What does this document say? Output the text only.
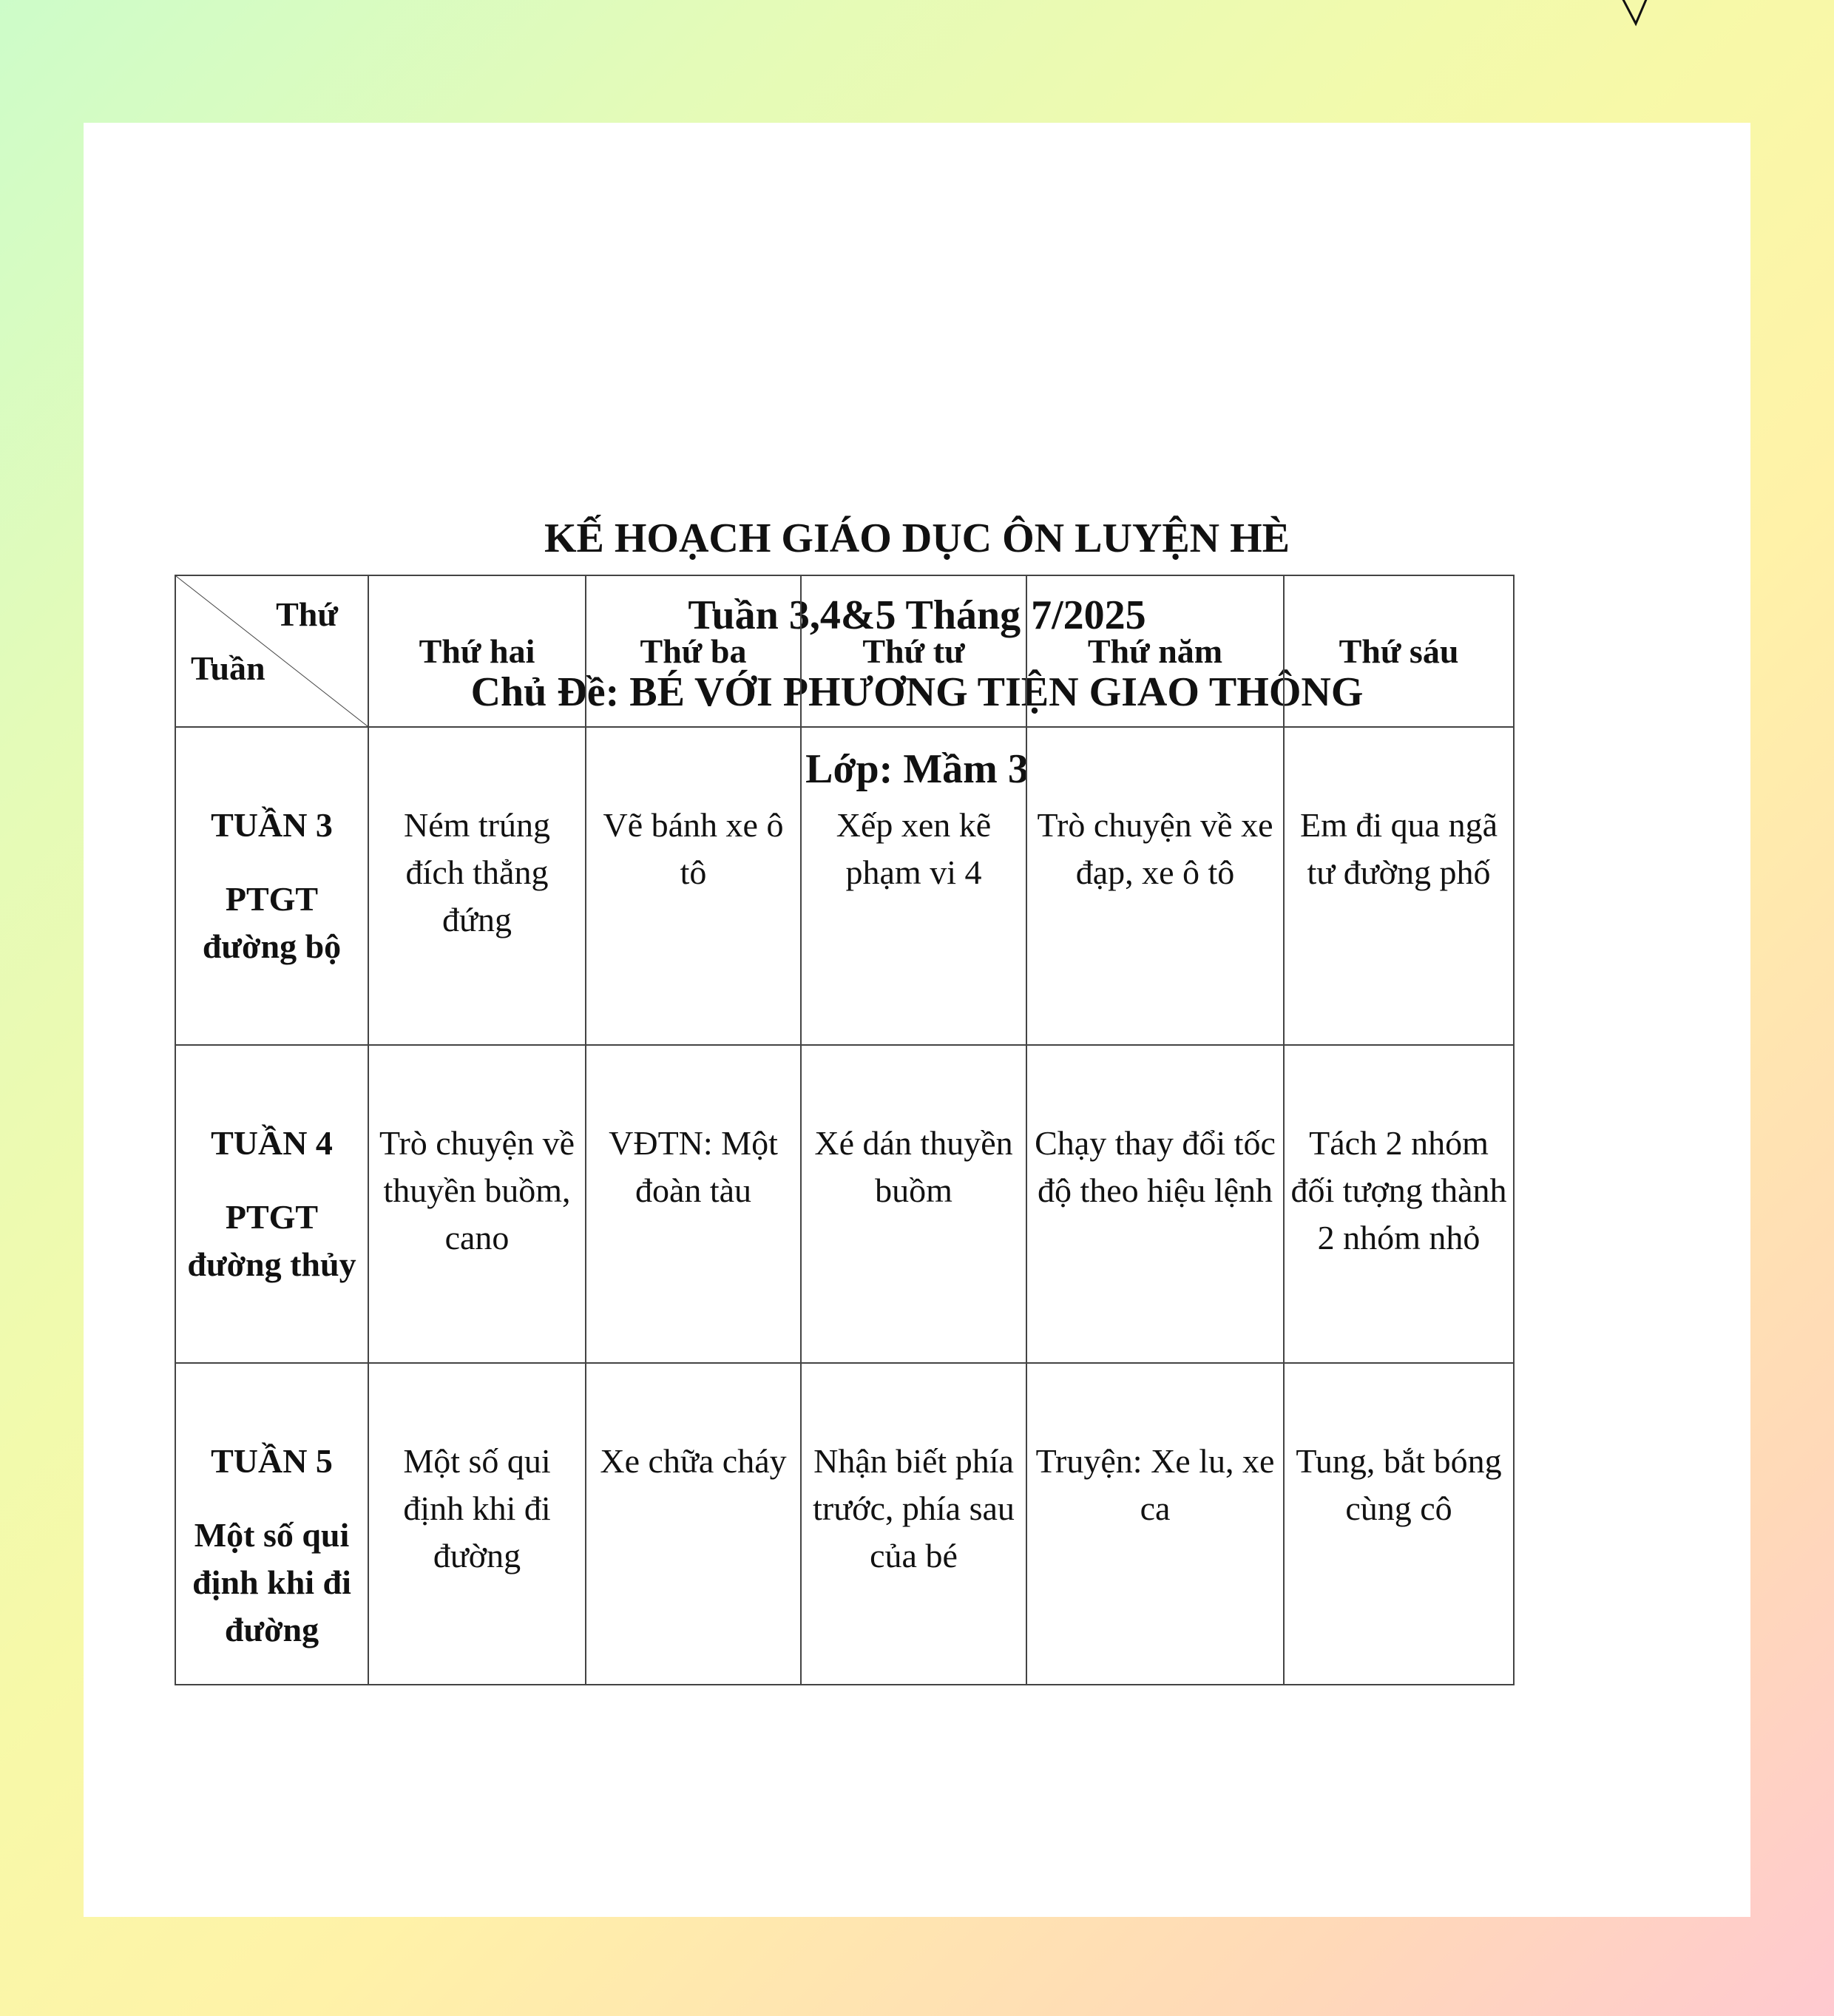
KẾ HOẠCH GIÁO DỤC ÔN LUYỆN HÈ
Tuần 3,4&5 Tháng 7/2025
Chủ Đề: BÉ VỚI PHƯƠNG TIỆN GIAO THÔNG
Lớp: Mầm 3
Thứ
Tuần	Thứ hai	Thứ ba	Thứ tư	Thứ năm	Thứ sáu

TUẦN 3
PTGT đường bộ	Ném trúng đích thẳng đứng	Vẽ bánh xe ô tô	Xếp xen kẽ phạm vi 4	Trò chuyện về xe đạp, xe ô tô	Em đi qua ngã tư đường phố

TUẦN 4
PTGT đường thủy	Trò chuyện về thuyền buồm, cano	VĐTN: Một đoàn tàu	Xé dán thuyền buồm	Chạy thay đổi tốc độ theo hiệu lệnh	Tách 2 nhóm đối tượng thành 2 nhóm nhỏ

TUẦN 5
Một số qui định khi đi đường	Một số qui định khi đi đường	Xe chữa cháy	Nhận biết phía trước, phía sau của bé	Truyện: Xe lu, xe ca	Tung, bắt bóng cùng cô
